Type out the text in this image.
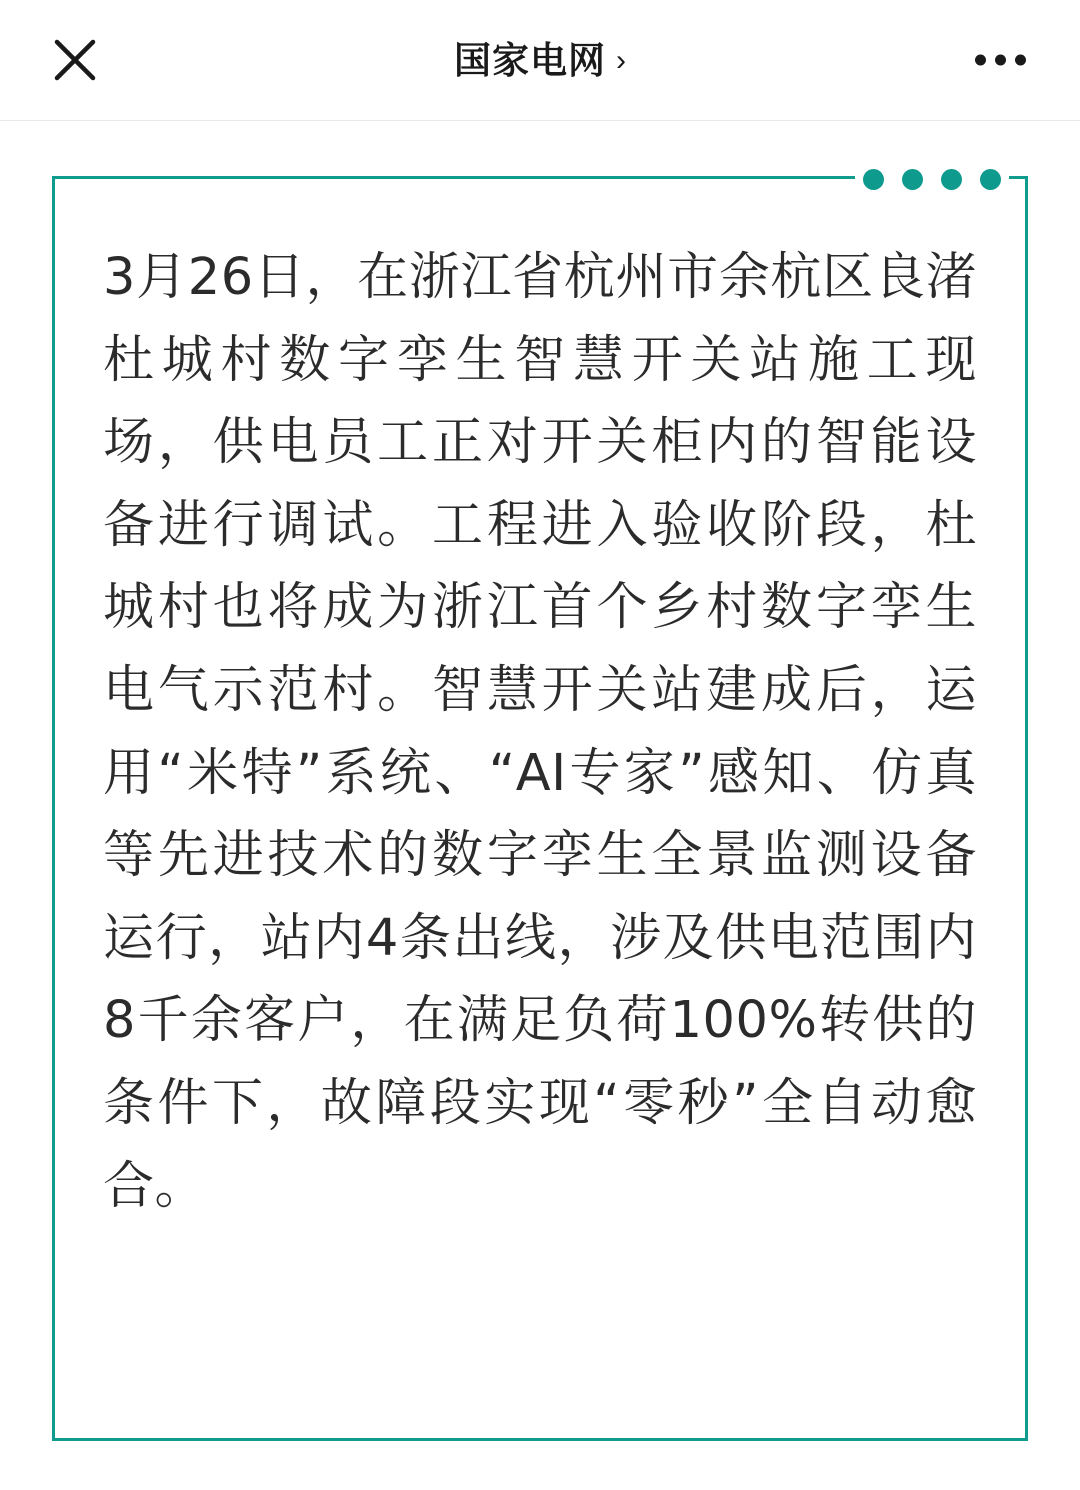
国家电网 ›

3月26日，在浙江省杭州市余杭区良渚杜城村数字孪生智慧开关站施工现场，供电员工正对开关柜内的智能设备进行调试。工程进入验收阶段，杜城村也将成为浙江首个乡村数字孪生电气示范村。智慧开关站建成后，运用“米特”系统、“AI专家”感知、仿真等先进技术的数字孪生全景监测设备运行，站内4条出线，涉及供电范围内8千余客户，在满足负荷100%转供的条件下，故障段实现“零秒”全自动愈合。
